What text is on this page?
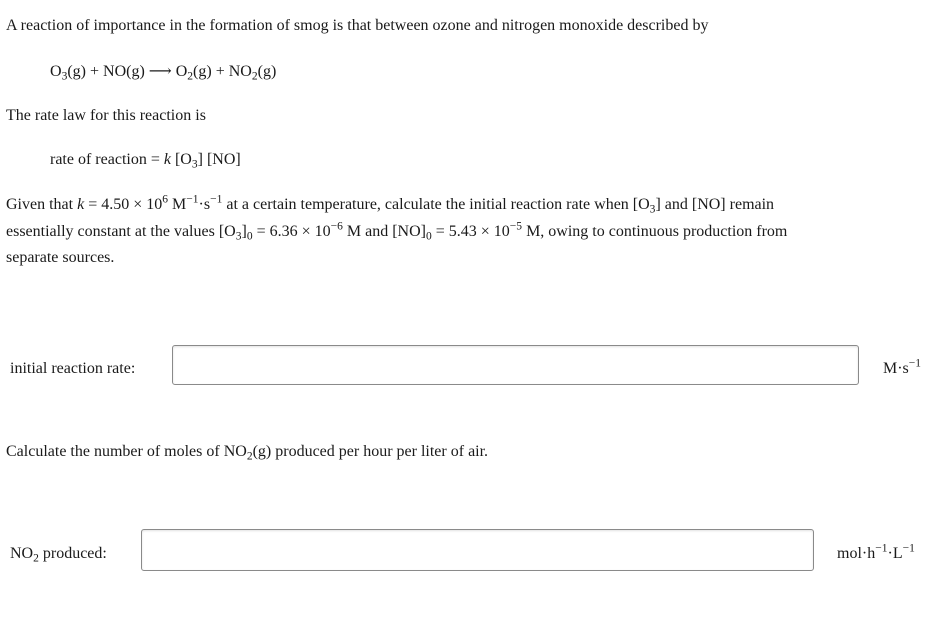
A reaction of importance in the formation of smog is that between ozone and nitrogen monoxide described by
$O_3(g) + NO(g)$ ⟶ $O_2(g) + NO_2(g)$
The rate law for this reaction is
rate of reaction = k $[O_3]$ [NO]
Given that $k = 4.50 \times 10^6$ $M^{-1}\cdot s^{-1}$ at a certain temperature, calculate the initial reaction rate when $[O_3]$ and [NO] remain
essentially constant at the values $[O_3]_0 = 6.36 \times 10^{-6}$ M and $[NO]_0 = 5.43 \times 10^{-5}$ M, owing to continuous production from
separate sources.
initial reaction rate:	$M\cdot s^{-1}$
Calculate the number of moles of $NO_2(g)$ produced per hour per liter of air.
$NO_2$ produced:	$mol\cdot h^{-1}\cdot L^{-1}$
